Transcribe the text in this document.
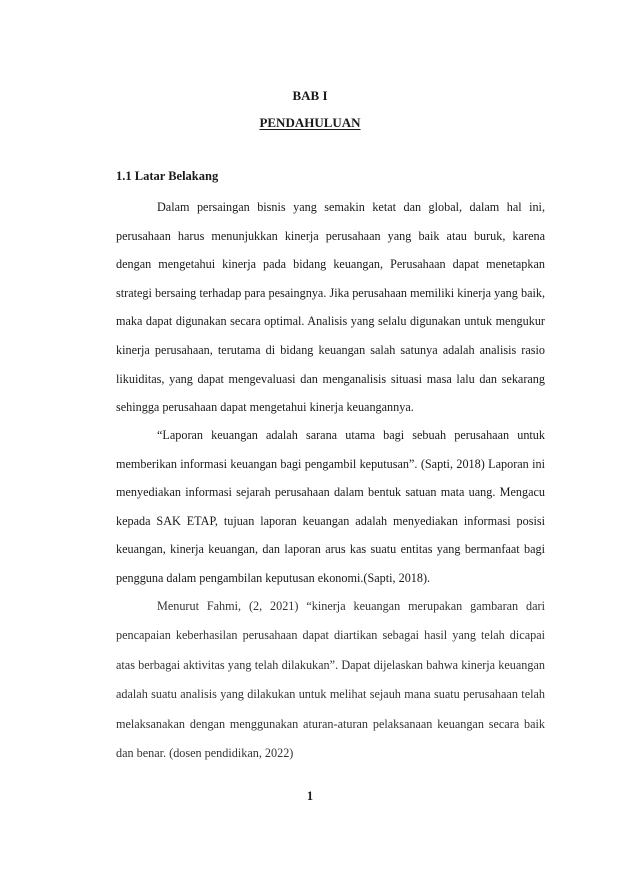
BAB I
PENDAHULUAN
1.1 Latar Belakang

Dalam persaingan bisnis yang semakin ketat dan global, dalam hal ini, perusahaan harus menunjukkan kinerja perusahaan yang baik atau buruk, karena dengan mengetahui kinerja pada bidang keuangan, Perusahaan dapat menetapkan strategi bersaing terhadap para pesaingnya. Jika perusahaan memiliki kinerja yang baik, maka dapat digunakan secara optimal. Analisis yang selalu digunakan untuk mengukur kinerja perusahaan, terutama di bidang keuangan salah satunya adalah analisis rasio likuiditas, yang dapat mengevaluasi dan menganalisis situasi masa lalu dan sekarang sehingga perusahaan dapat mengetahui kinerja keuangannya.

“Laporan keuangan adalah sarana utama bagi sebuah perusahaan untuk memberikan informasi keuangan bagi pengambil keputusan”. (Sapti, 2018) Laporan ini menyediakan informasi sejarah perusahaan dalam bentuk satuan mata uang. Mengacu kepada SAK ETAP, tujuan laporan keuangan adalah menyediakan informasi posisi keuangan, kinerja keuangan, dan laporan arus kas suatu entitas yang bermanfaat bagi pengguna dalam pengambilan keputusan ekonomi.(Sapti, 2018).

Menurut Fahmi, (2, 2021) “kinerja keuangan merupakan gambaran dari pencapaian keberhasilan perusahaan dapat diartikan sebagai hasil yang telah dicapai atas berbagai aktivitas yang telah dilakukan”. Dapat dijelaskan bahwa kinerja keuangan adalah suatu analisis yang dilakukan untuk melihat sejauh mana suatu perusahaan telah melaksanakan dengan menggunakan aturan-aturan pelaksanaan keuangan secara baik dan benar. (dosen pendidikan, 2022)

1
